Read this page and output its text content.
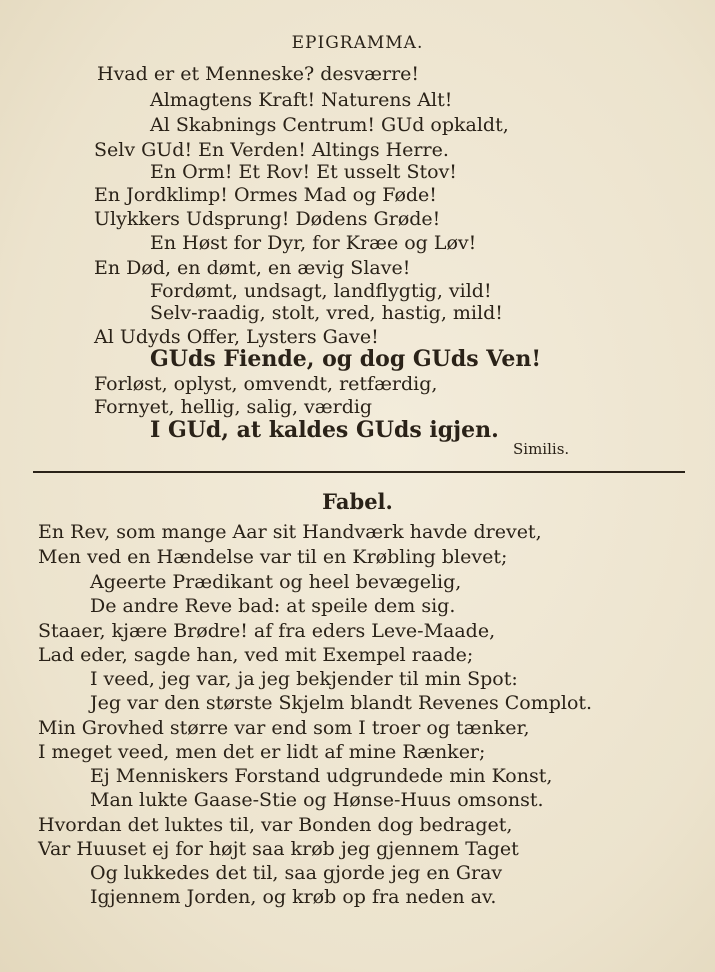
EPIGRAMMA.
Hvad er et Menneske? desværre!
Almagtens Kraft! Naturens Alt!
Al Skabnings Centrum! GUd opkaldt,
Selv GUd! En Verden! Altings Herre.
En Orm! Et Rov! Et usselt Stov!
En Jordklimp! Ormes Mad og Føde!
Ulykkers Udsprung! Dødens Grøde!
En Høst for Dyr, for Kræe og Løv!
En Død, en dømt, en ævig Slave!
Fordømt, undsagt, landflygtig, vild!
Selv-raadig, stolt, vred, hastig, mild!
Al Udyds Offer, Lysters Gave!
GUds Fiende, og dog GUds Ven!
Forløst, oplyst, omvendt, retfærdig,
Fornyet, hellig, salig, værdig
I GUd, at kaldes GUds igjen.
Similis.
Fabel.
En Rev, som mange Aar sit Handværk havde drevet,
Men ved en Hændelse var til en Krøbling blevet;
Ageerte Prædikant og heel bevægelig,
De andre Reve bad: at speile dem sig.
Staaer, kjære Brødre! af fra eders Leve-Maade,
Lad eder, sagde han, ved mit Exempel raade;
I veed, jeg var, ja jeg bekjender til min Spot:
Jeg var den største Skjelm blandt Revenes Complot.
Min Grovhed større var end som I troer og tænker,
I meget veed, men det er lidt af mine Rænker;
Ej Menniskers Forstand udgrundede min Konst,
Man lukte Gaase-Stie og Hønse-Huus omsonst.
Hvordan det luktes til, var Bonden dog bedraget,
Var Huuset ej for højt saa krøb jeg gjennem Taget
Og lukkedes det til, saa gjorde jeg en Grav
Igjennem Jorden, og krøb op fra neden av.
